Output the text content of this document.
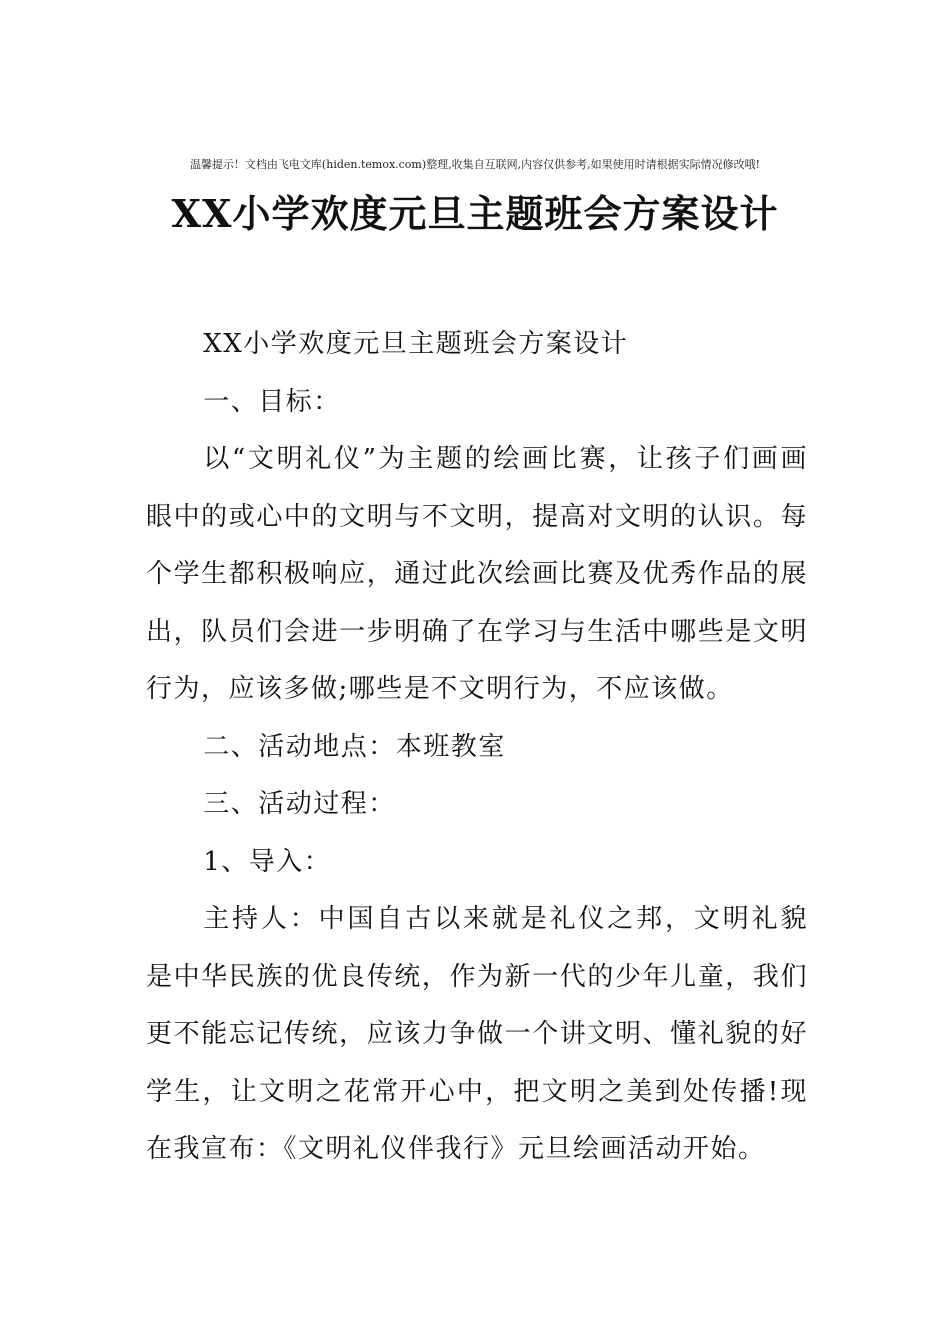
温馨提示！文档由飞电文库(hiden.temox.com)整理,收集自互联网,内容仅供参考,如果使用时请根据实际情况修改哦!
XX小学欢度元旦主题班会方案设计

XX小学欢度元旦主题班会方案设计

一、目标：

以“文明礼仪”为主题的绘画比赛，让孩子们画画眼中的或心中的文明与不文明，提高对文明的认识。每个学生都积极响应，通过此次绘画比赛及优秀作品的展出，队员们会进一步明确了在学习与生活中哪些是文明行为，应该多做;哪些是不文明行为，不应该做。

二、活动地点：本班教室

三、活动过程：

1、导入：

主持人：中国自古以来就是礼仪之邦，文明礼貌是中华民族的优良传统，作为新一代的少年儿童，我们更不能忘记传统，应该力争做一个讲文明、懂礼貌的好学生，让文明之花常开心中，把文明之美到处传播!现在我宣布：《文明礼仪伴我行》元旦绘画活动开始。
